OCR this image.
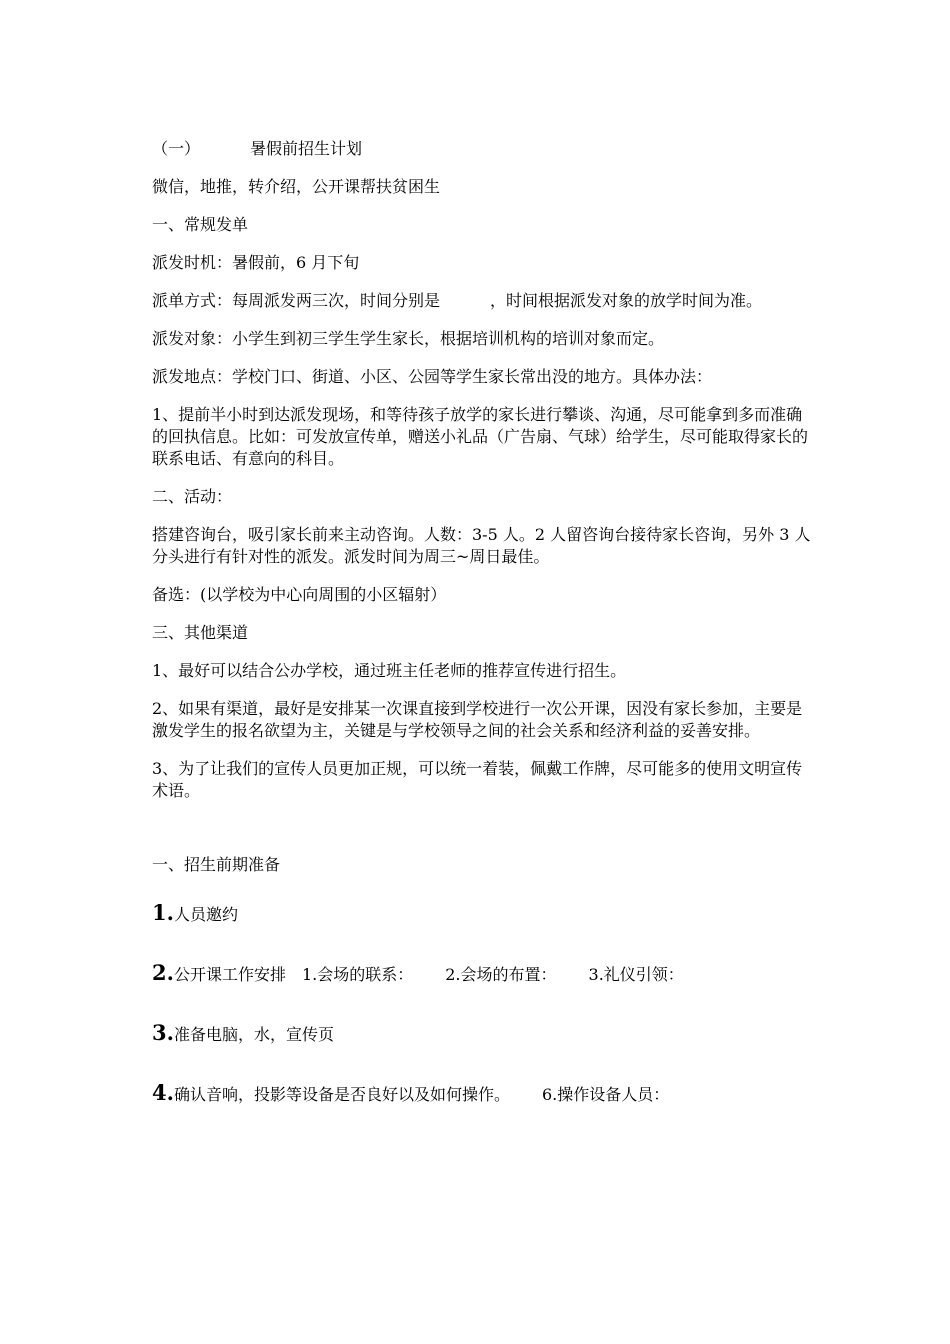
（一）	暑假前招生计划

微信，地推，转介绍，公开课帮扶贫困生

一、常规发单

派发时机：暑假前，6 月下旬

派单方式：每周派发两三次，时间分别是	，时间根据派发对象的放学时间为准。

派发对象：小学生到初三学生学生家长，根据培训机构的培训对象而定。

派发地点：学校门口、街道、小区、公园等学生家长常出没的地方。具体办法：

1、提前半小时到达派发现场，和等待孩子放学的家长进行攀谈、沟通，尽可能拿到多而准确的回执信息。比如：可发放宣传单，赠送小礼品（广告扇、气球）给学生，尽可能取得家长的联系电话、有意向的科目。

二、活动：

搭建咨询台，吸引家长前来主动咨询。人数：3-5 人。2 人留咨询台接待家长咨询，另外 3 人分头进行有针对性的派发。派发时间为周三~周日最佳。

备选：(以学校为中心向周围的小区辐射）

三、其他渠道

1、最好可以结合公办学校，通过班主任老师的推荐宣传进行招生。

2、如果有渠道，最好是安排某一次课直接到学校进行一次公开课，因没有家长参加，主要是激发学生的报名欲望为主，关键是与学校领导之间的社会关系和经济利益的妥善安排。

3、为了让我们的宣传人员更加正规，可以统一着装，佩戴工作牌，尽可能多的使用文明宣传术语。

一、招生前期准备

1.人员邀约

2.公开课工作安排 1.会场的联系： 2.会场的布置： 3.礼仪引领：

3.准备电脑，水，宣传页

4.确认音响，投影等设备是否良好以及如何操作。 6.操作设备人员：
